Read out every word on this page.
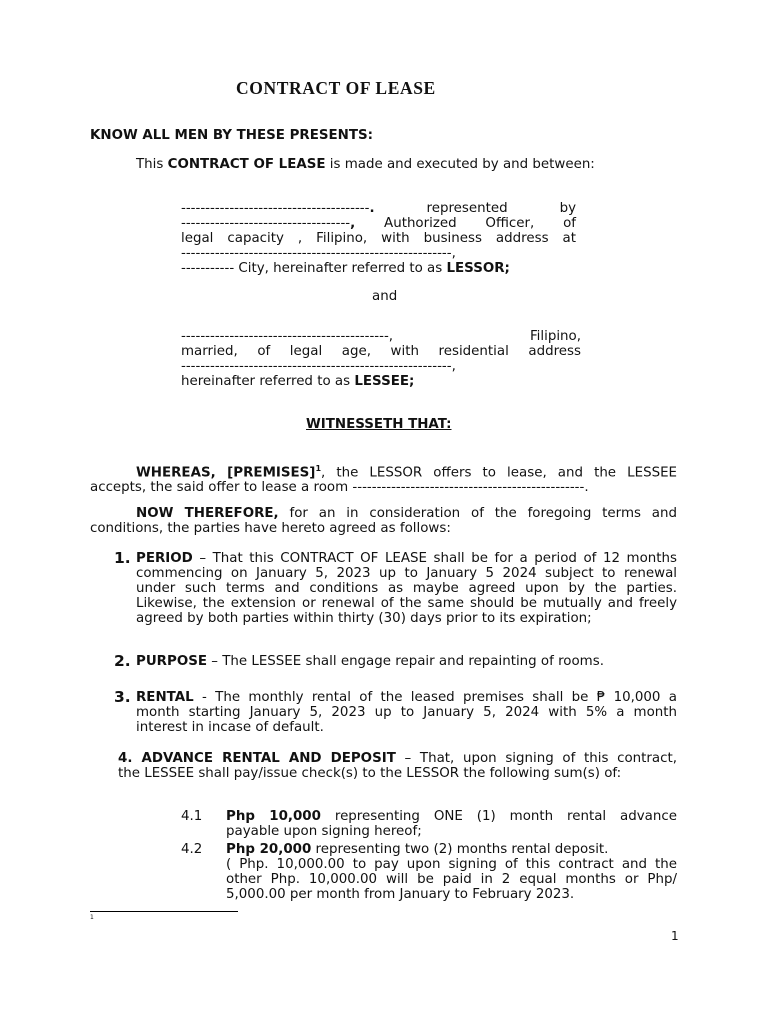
CONTRACT OF LEASE
KNOW ALL MEN BY THESE PRESENTS:
This CONTRACT OF LEASE is made and executed by and between:
---------------------------------------.	represented by
-----------------------------------, Authorized Officer, of
legal capacity , Filipino, with business address at
--------------------------------------------------------,
----------- City, hereinafter referred to as LESSOR;
and
-------------------------------------------,	Filipino,
married, of legal age, with residential address
--------------------------------------------------------,
hereinafter referred to as LESSEE;
WITNESSETH THAT:
WHEREAS, [PREMISES]$^1$, the LESSOR offers to lease, and the LESSEE
accepts, the said offer to lease a room ------------------------------------------------.
NOW THEREFORE, for an in consideration of the foregoing terms and
conditions, the parties have hereto agreed as follows:
1. PERIOD – That this CONTRACT OF LEASE shall be for a period of 12 months
commencing on January 5, 2023 up to January 5 2024 subject to renewal
under such terms and conditions as maybe agreed upon by the parties.
Likewise, the extension or renewal of the same should be mutually and freely
agreed by both parties within thirty (30) days prior to its expiration;
2. PURPOSE – The LESSEE shall engage repair and repainting of rooms.
3. RENTAL - The monthly rental of the leased premises shall be ₱ 10,000 a
month starting January 5, 2023 up to January 5, 2024 with 5% a month
interest in incase of default.
4. ADVANCE RENTAL AND DEPOSIT – That, upon signing of this contract,
the LESSEE shall pay/issue check(s) to the LESSOR the following sum(s) of:
4.1 Php 10,000 representing ONE (1) month rental advance
payable upon signing hereof;
4.2 Php 20,000 representing two (2) months rental deposit.
( Php. 10,000.00 to pay upon signing of this contract and the
other Php. 10,000.00 will be paid in 2 equal months or Php/
5,000.00 per month from January to February 2023.
1
1
